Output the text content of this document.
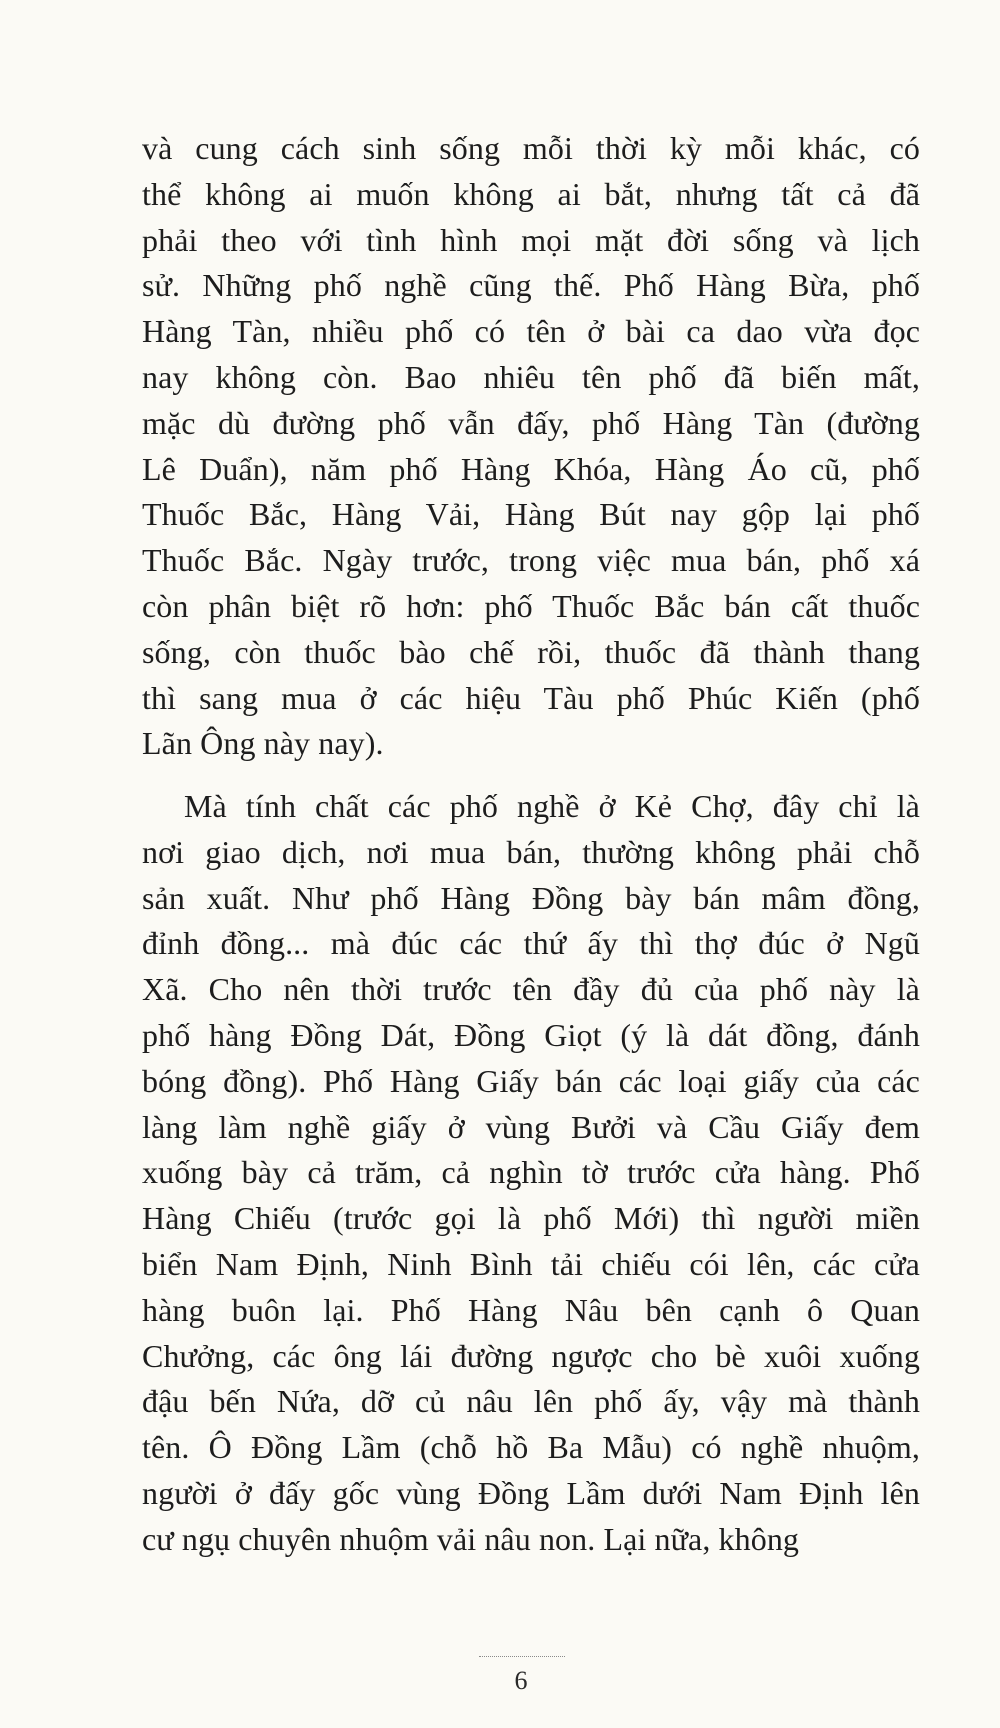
và cung cách sinh sống mỗi thời kỳ mỗi khác, có
thể không ai muốn không ai bắt, nhưng tất cả đã
phải theo với tình hình mọi mặt đời sống và lịch
sử. Những phố nghề cũng thế. Phố Hàng Bừa, phố
Hàng Tàn, nhiều phố có tên ở bài ca dao vừa đọc
nay không còn. Bao nhiêu tên phố đã biến mất,
mặc dù đường phố vẫn đấy, phố Hàng Tàn (đường
Lê Duẩn), năm phố Hàng Khóa, Hàng Áo cũ, phố
Thuốc Bắc, Hàng Vải, Hàng Bút nay gộp lại phố
Thuốc Bắc. Ngày trước, trong việc mua bán, phố xá
còn phân biệt rõ hơn: phố Thuốc Bắc bán cất thuốc
sống, còn thuốc bào chế rồi, thuốc đã thành thang
thì sang mua ở các hiệu Tàu phố Phúc Kiến (phố
Lãn Ông này nay).
Mà tính chất các phố nghề ở Kẻ Chợ, đây chỉ là
nơi giao dịch, nơi mua bán, thường không phải chỗ
sản xuất. Như phố Hàng Đồng bày bán mâm đồng,
đỉnh đồng... mà đúc các thứ ấy thì thợ đúc ở Ngũ
Xã. Cho nên thời trước tên đầy đủ của phố này là
phố hàng Đồng Dát, Đồng Giọt (ý là dát đồng, đánh
bóng đồng). Phố Hàng Giấy bán các loại giấy của các
làng làm nghề giấy ở vùng Bưởi và Cầu Giấy đem
xuống bày cả trăm, cả nghìn tờ trước cửa hàng. Phố
Hàng Chiếu (trước gọi là phố Mới) thì người miền
biển Nam Định, Ninh Bình tải chiếu cói lên, các cửa
hàng buôn lại. Phố Hàng Nâu bên cạnh ô Quan
Chưởng, các ông lái đường ngược cho bè xuôi xuống
đậu bến Nứa, dỡ củ nâu lên phố ấy, vậy mà thành
tên. Ô Đồng Lầm (chỗ hồ Ba Mẫu) có nghề nhuộm,
người ở đấy gốc vùng Đồng Lầm dưới Nam Định lên
cư ngụ chuyên nhuộm vải nâu non. Lại nữa, không
6
